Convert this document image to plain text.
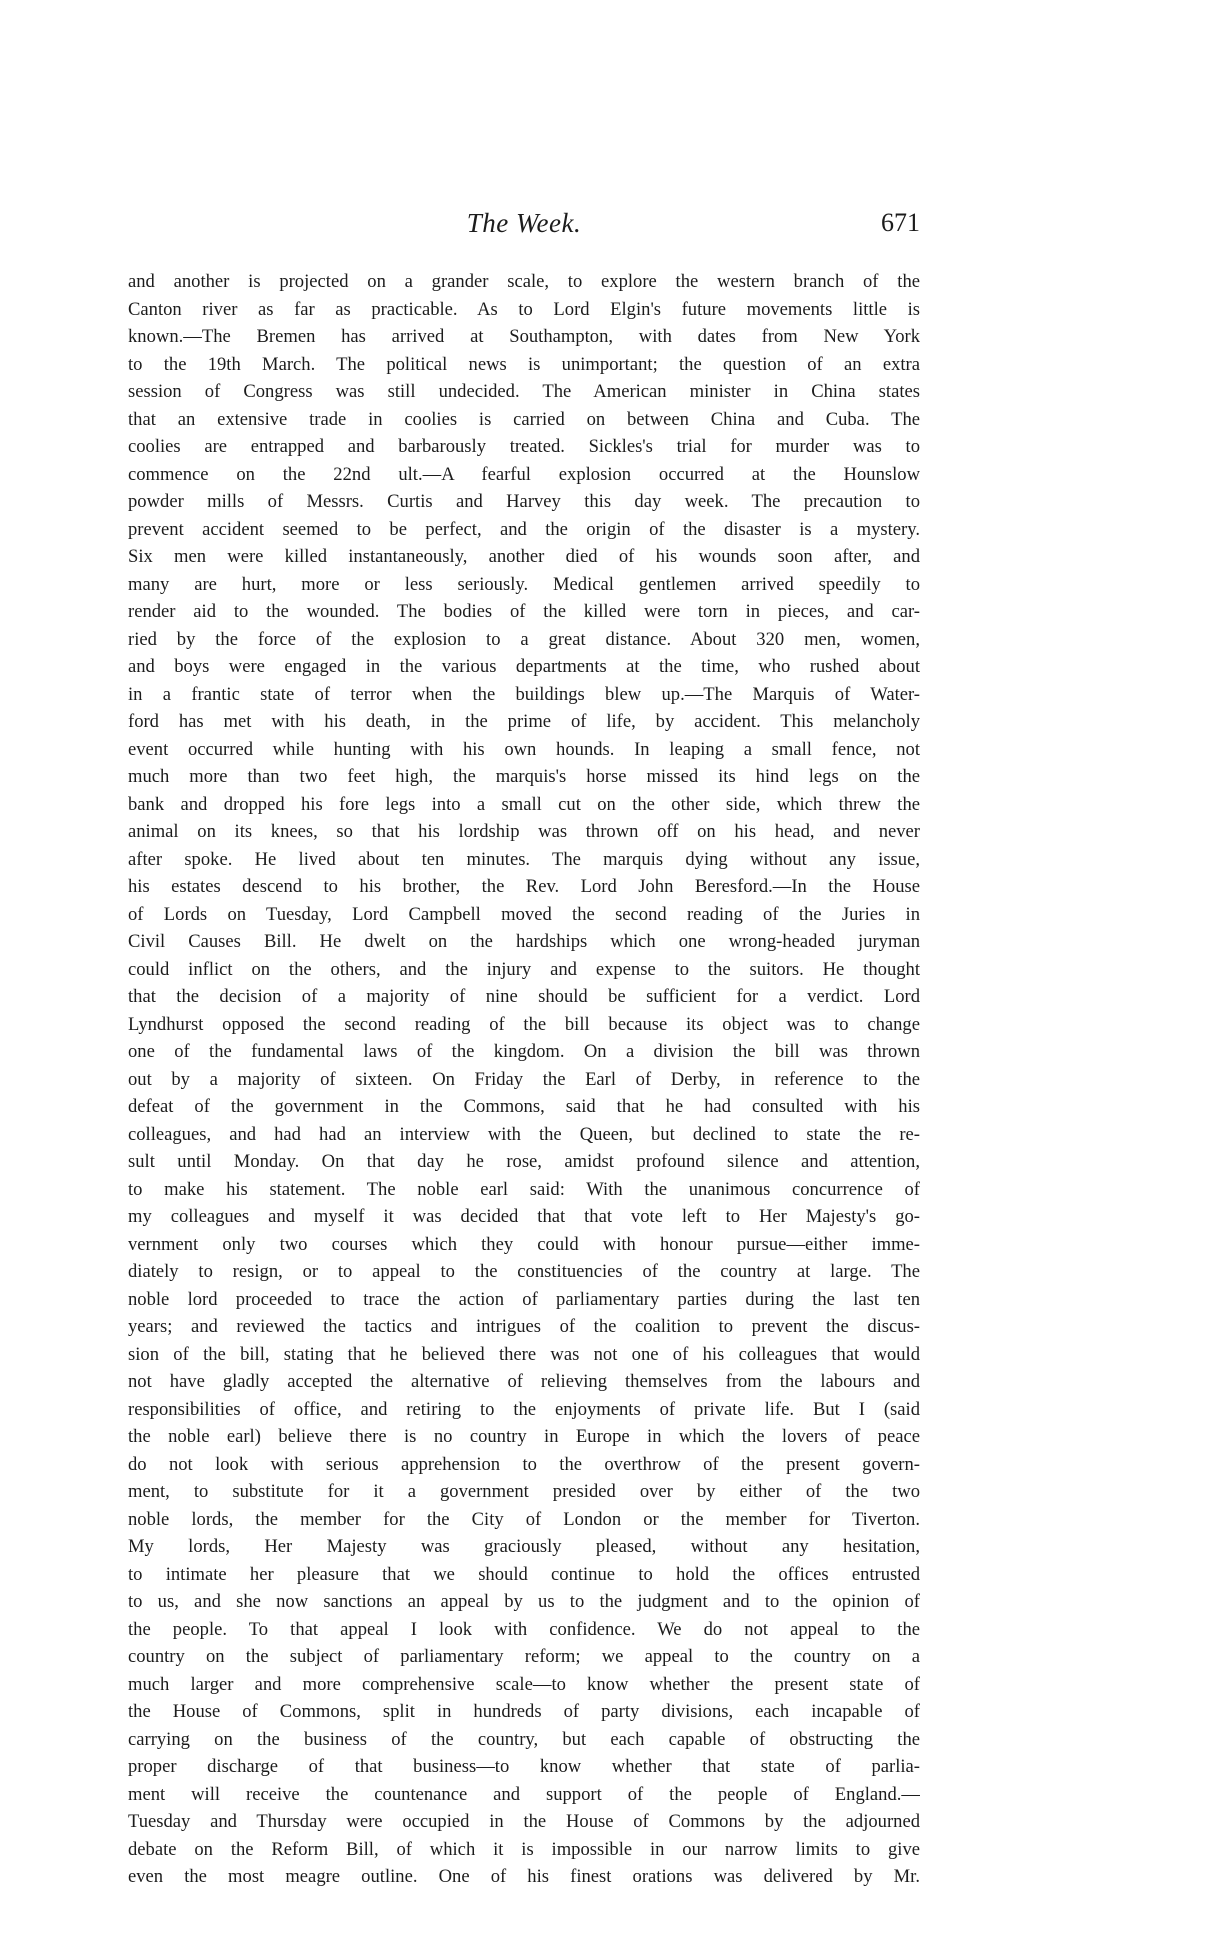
The Week.	671
and another is projected on a grander scale, to explore the western branch of the
Canton river as far as practicable. As to Lord Elgin's future movements little is
known.—The Bremen has arrived at Southampton, with dates from New York
to the 19th March. The political news is unimportant; the question of an extra
session of Congress was still undecided. The American minister in China states
that an extensive trade in coolies is carried on between China and Cuba. The
coolies are entrapped and barbarously treated. Sickles's trial for murder was to
commence on the 22nd ult.—A fearful explosion occurred at the Hounslow
powder mills of Messrs. Curtis and Harvey this day week. The precaution to
prevent accident seemed to be perfect, and the origin of the disaster is a mystery.
Six men were killed instantaneously, another died of his wounds soon after, and
many are hurt, more or less seriously. Medical gentlemen arrived speedily to
render aid to the wounded. The bodies of the killed were torn in pieces, and car-
ried by the force of the explosion to a great distance. About 320 men, women,
and boys were engaged in the various departments at the time, who rushed about
in a frantic state of terror when the buildings blew up.—The Marquis of Water-
ford has met with his death, in the prime of life, by accident. This melancholy
event occurred while hunting with his own hounds. In leaping a small fence, not
much more than two feet high, the marquis's horse missed its hind legs on the
bank and dropped his fore legs into a small cut on the other side, which threw the
animal on its knees, so that his lordship was thrown off on his head, and never
after spoke. He lived about ten minutes. The marquis dying without any issue,
his estates descend to his brother, the Rev. Lord John Beresford.—In the House
of Lords on Tuesday, Lord Campbell moved the second reading of the Juries in
Civil Causes Bill. He dwelt on the hardships which one wrong-headed juryman
could inflict on the others, and the injury and expense to the suitors. He thought
that the decision of a majority of nine should be sufficient for a verdict. Lord
Lyndhurst opposed the second reading of the bill because its object was to change
one of the fundamental laws of the kingdom. On a division the bill was thrown
out by a majority of sixteen. On Friday the Earl of Derby, in reference to the
defeat of the government in the Commons, said that he had consulted with his
colleagues, and had had an interview with the Queen, but declined to state the re-
sult until Monday. On that day he rose, amidst profound silence and attention,
to make his statement. The noble earl said: With the unanimous concurrence of
my colleagues and myself it was decided that that vote left to Her Majesty's go-
vernment only two courses which they could with honour pursue—either imme-
diately to resign, or to appeal to the constituencies of the country at large. The
noble lord proceeded to trace the action of parliamentary parties during the last ten
years; and reviewed the tactics and intrigues of the coalition to prevent the discus-
sion of the bill, stating that he believed there was not one of his colleagues that would
not have gladly accepted the alternative of relieving themselves from the labours and
responsibilities of office, and retiring to the enjoyments of private life. But I (said
the noble earl) believe there is no country in Europe in which the lovers of peace
do not look with serious apprehension to the overthrow of the present govern-
ment, to substitute for it a government presided over by either of the two
noble lords, the member for the City of London or the member for Tiverton.
My lords, Her Majesty was graciously pleased, without any hesitation,
to intimate her pleasure that we should continue to hold the offices entrusted
to us, and she now sanctions an appeal by us to the judgment and to the opinion of
the people. To that appeal I look with confidence. We do not appeal to the
country on the subject of parliamentary reform; we appeal to the country on a
much larger and more comprehensive scale—to know whether the present state of
the House of Commons, split in hundreds of party divisions, each incapable of
carrying on the business of the country, but each capable of obstructing the
proper discharge of that business—to know whether that state of parlia-
ment will receive the countenance and support of the people of England.—
Tuesday and Thursday were occupied in the House of Commons by the adjourned
debate on the Reform Bill, of which it is impossible in our narrow limits to give
even the most meagre outline. One of his finest orations was delivered by Mr.
